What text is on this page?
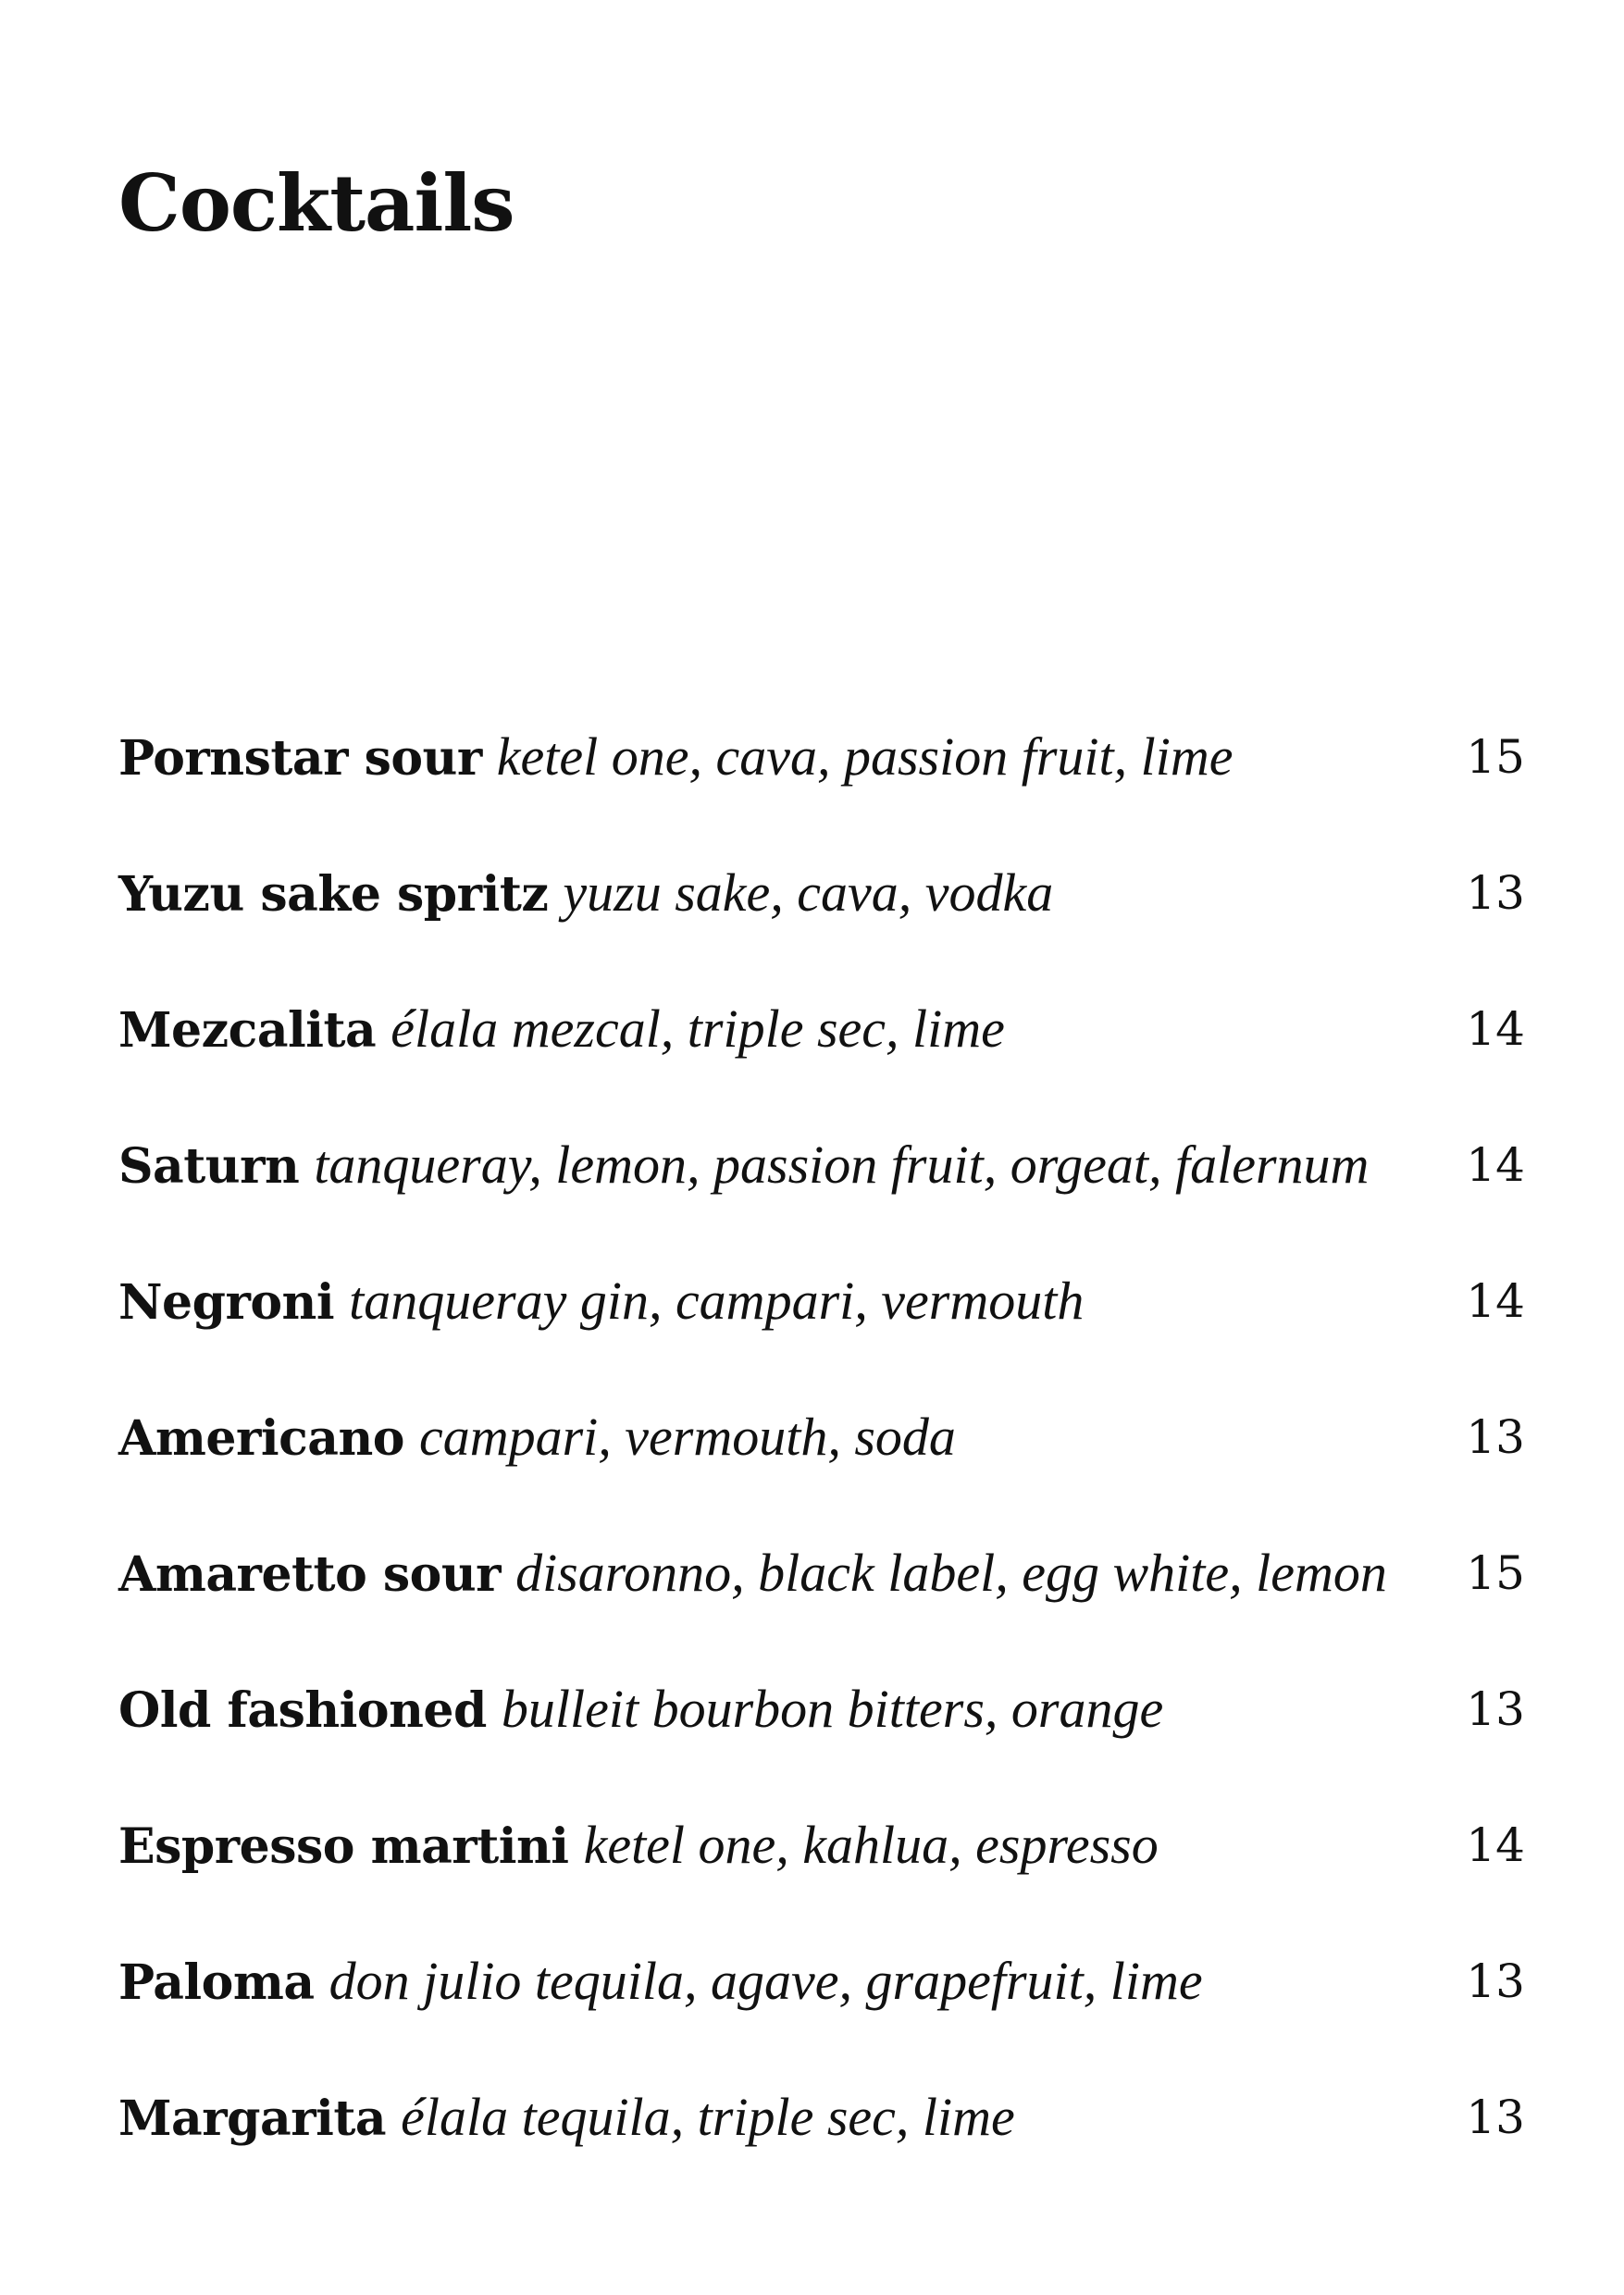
Cocktails
Pornstar sour ketel one, cava, passion fruit, lime	15
Yuzu sake spritz yuzu sake, cava, vodka	13
Mezcalita élala mezcal, triple sec, lime	14
Saturn tanqueray, lemon, passion fruit, orgeat, falernum 14
Negroni tanqueray gin, campari, vermouth	14
Americano campari, vermouth, soda	13
Amaretto sour disaronno, black label, egg white, lemon 15
Old fashioned bulleit bourbon bitters, orange	13
Espresso martini ketel one, kahlua, espresso	14
Paloma don julio tequila, agave, grapefruit, lime	13
Margarita élala tequila, triple sec, lime	13
